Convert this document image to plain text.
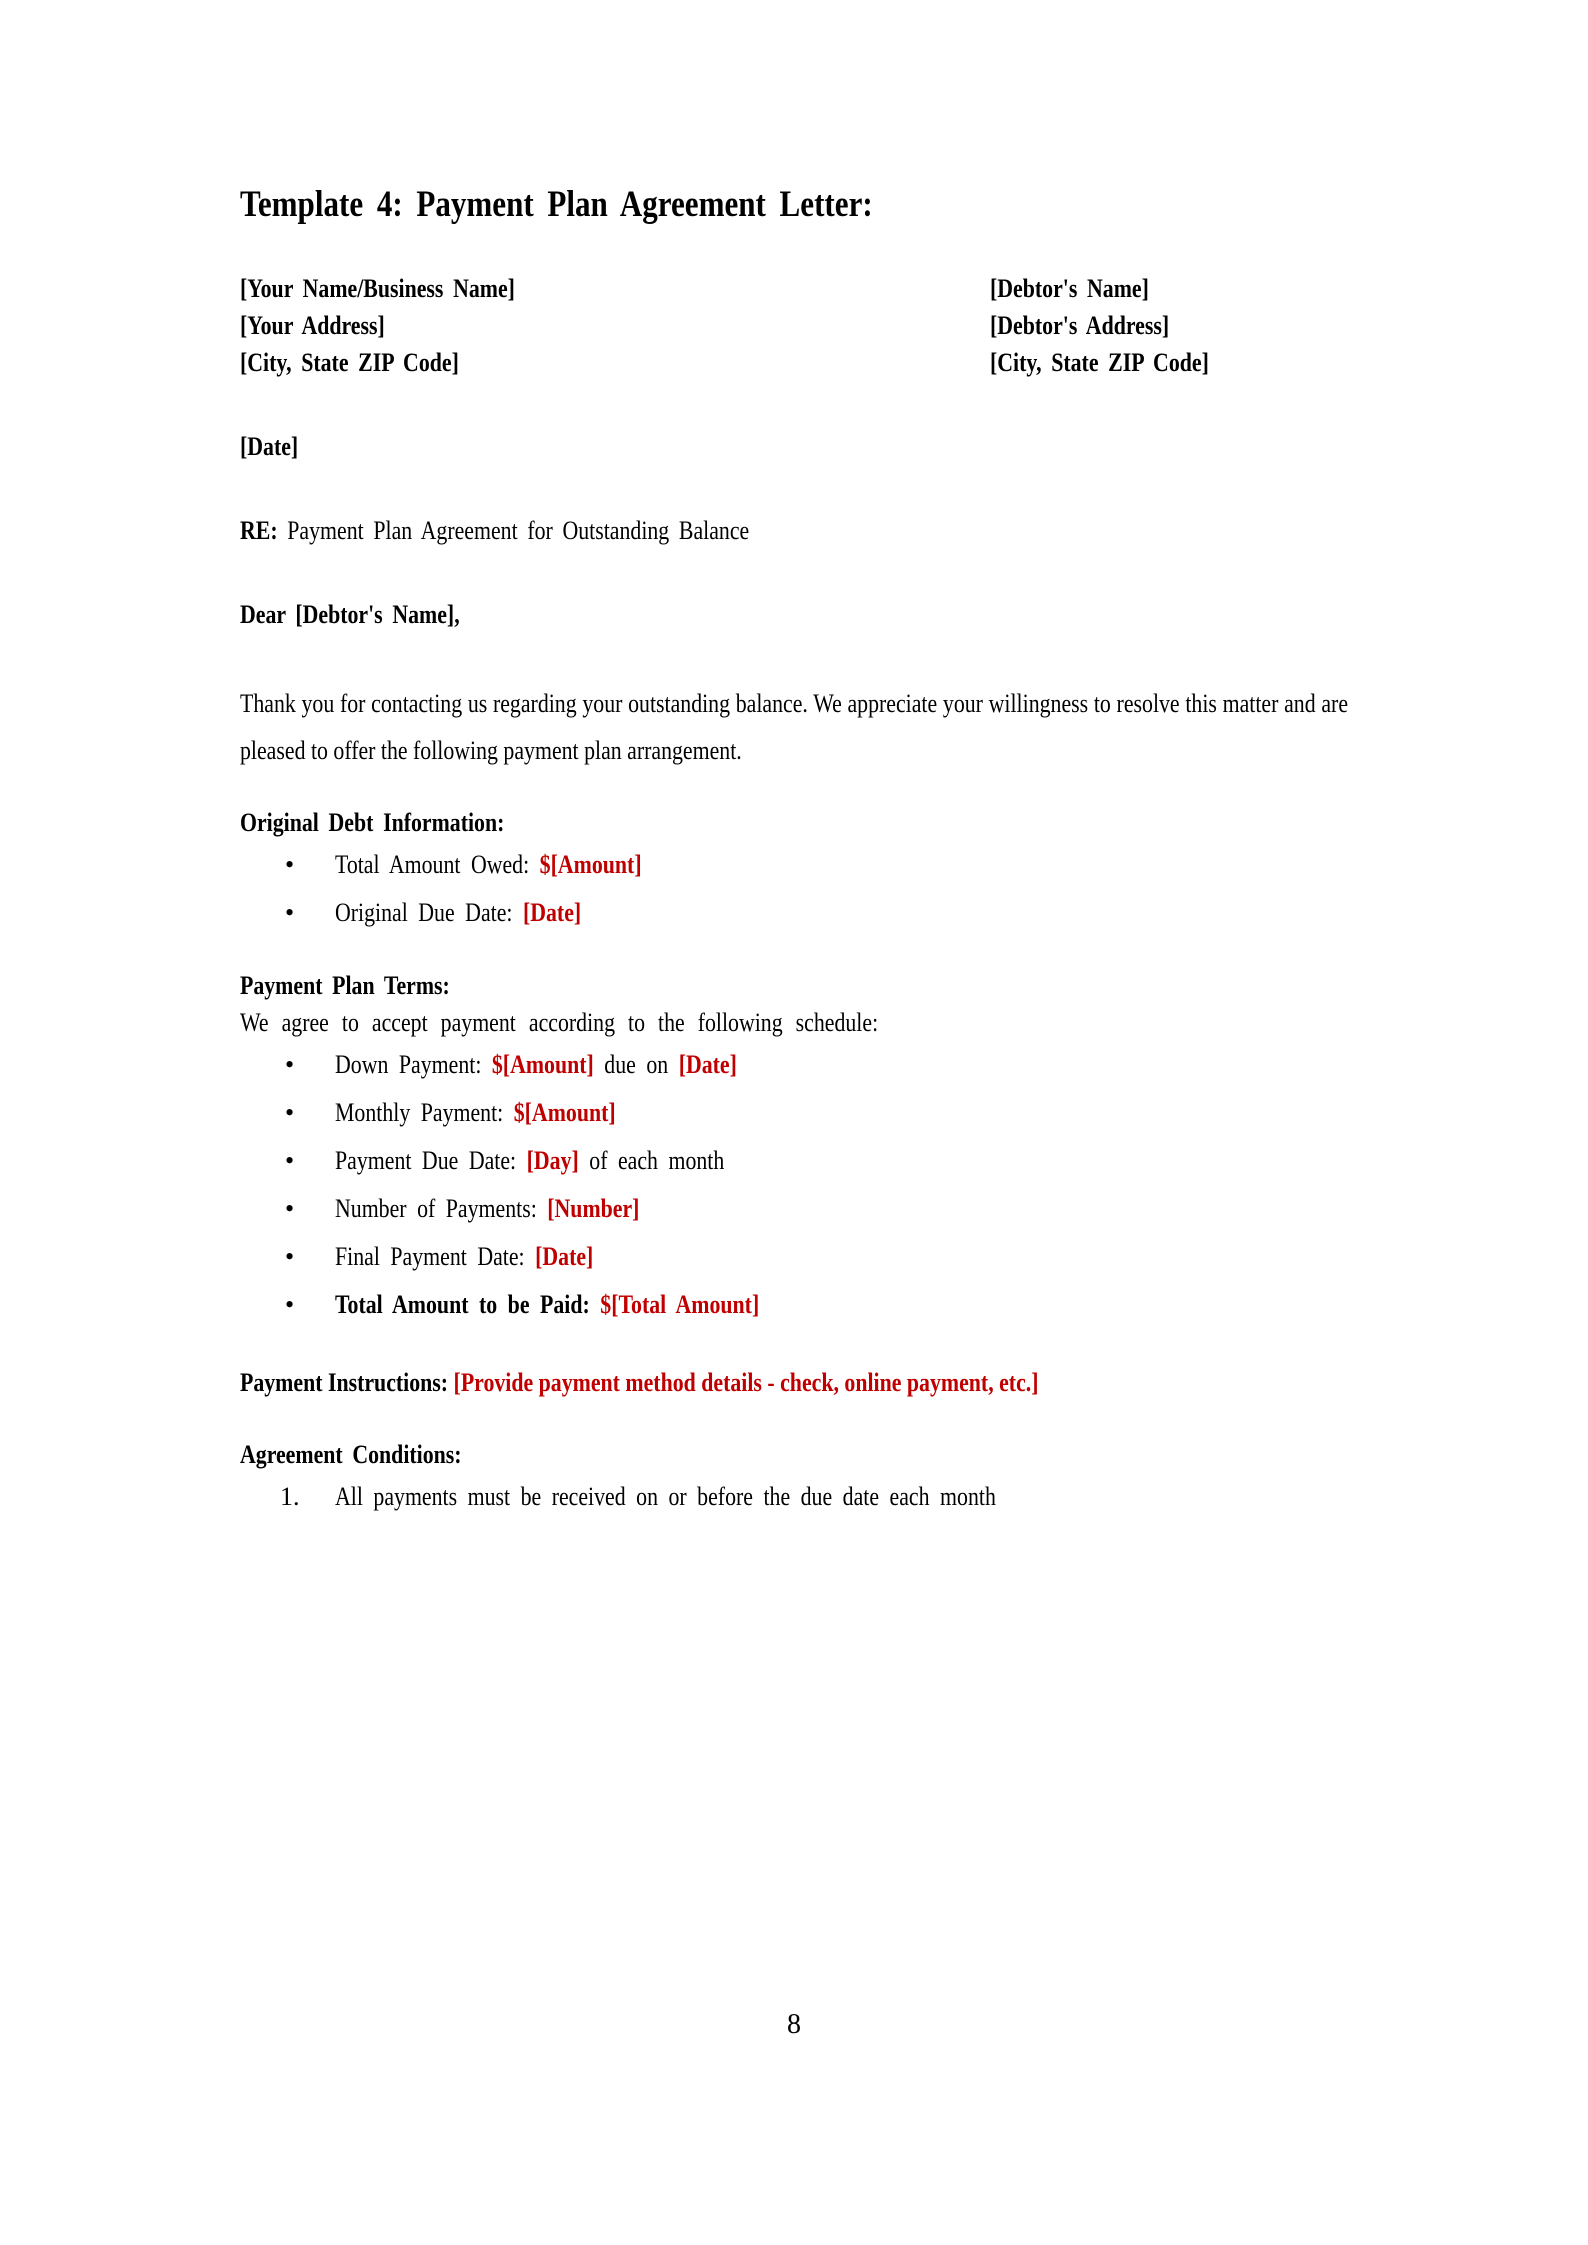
Template 4: Payment Plan Agreement Letter:
[Your Name/Business Name]	[Debtor's Name]
[Your Address]	[Debtor's Address]
[City, State ZIP Code]	[City, State ZIP Code]
[Date]
RE: Payment Plan Agreement for Outstanding Balance
Dear [Debtor's Name],
Thank you for contacting us regarding your outstanding balance. We appreciate your willingness to resolve this matter and are pleased to offer the following payment plan arrangement.
Original Debt Information:
• Total Amount Owed: $[Amount]
• Original Due Date: [Date]
Payment Plan Terms:
We agree to accept payment according to the following schedule:
• Down Payment: $[Amount] due on [Date]
• Monthly Payment: $[Amount]
• Payment Due Date: [Day] of each month
• Number of Payments: [Number]
• Final Payment Date: [Date]
• Total Amount to be Paid: $[Total Amount]
Payment Instructions: [Provide payment method details - check, online payment, etc.]
Agreement Conditions:
1. All payments must be received on or before the due date each month
8
